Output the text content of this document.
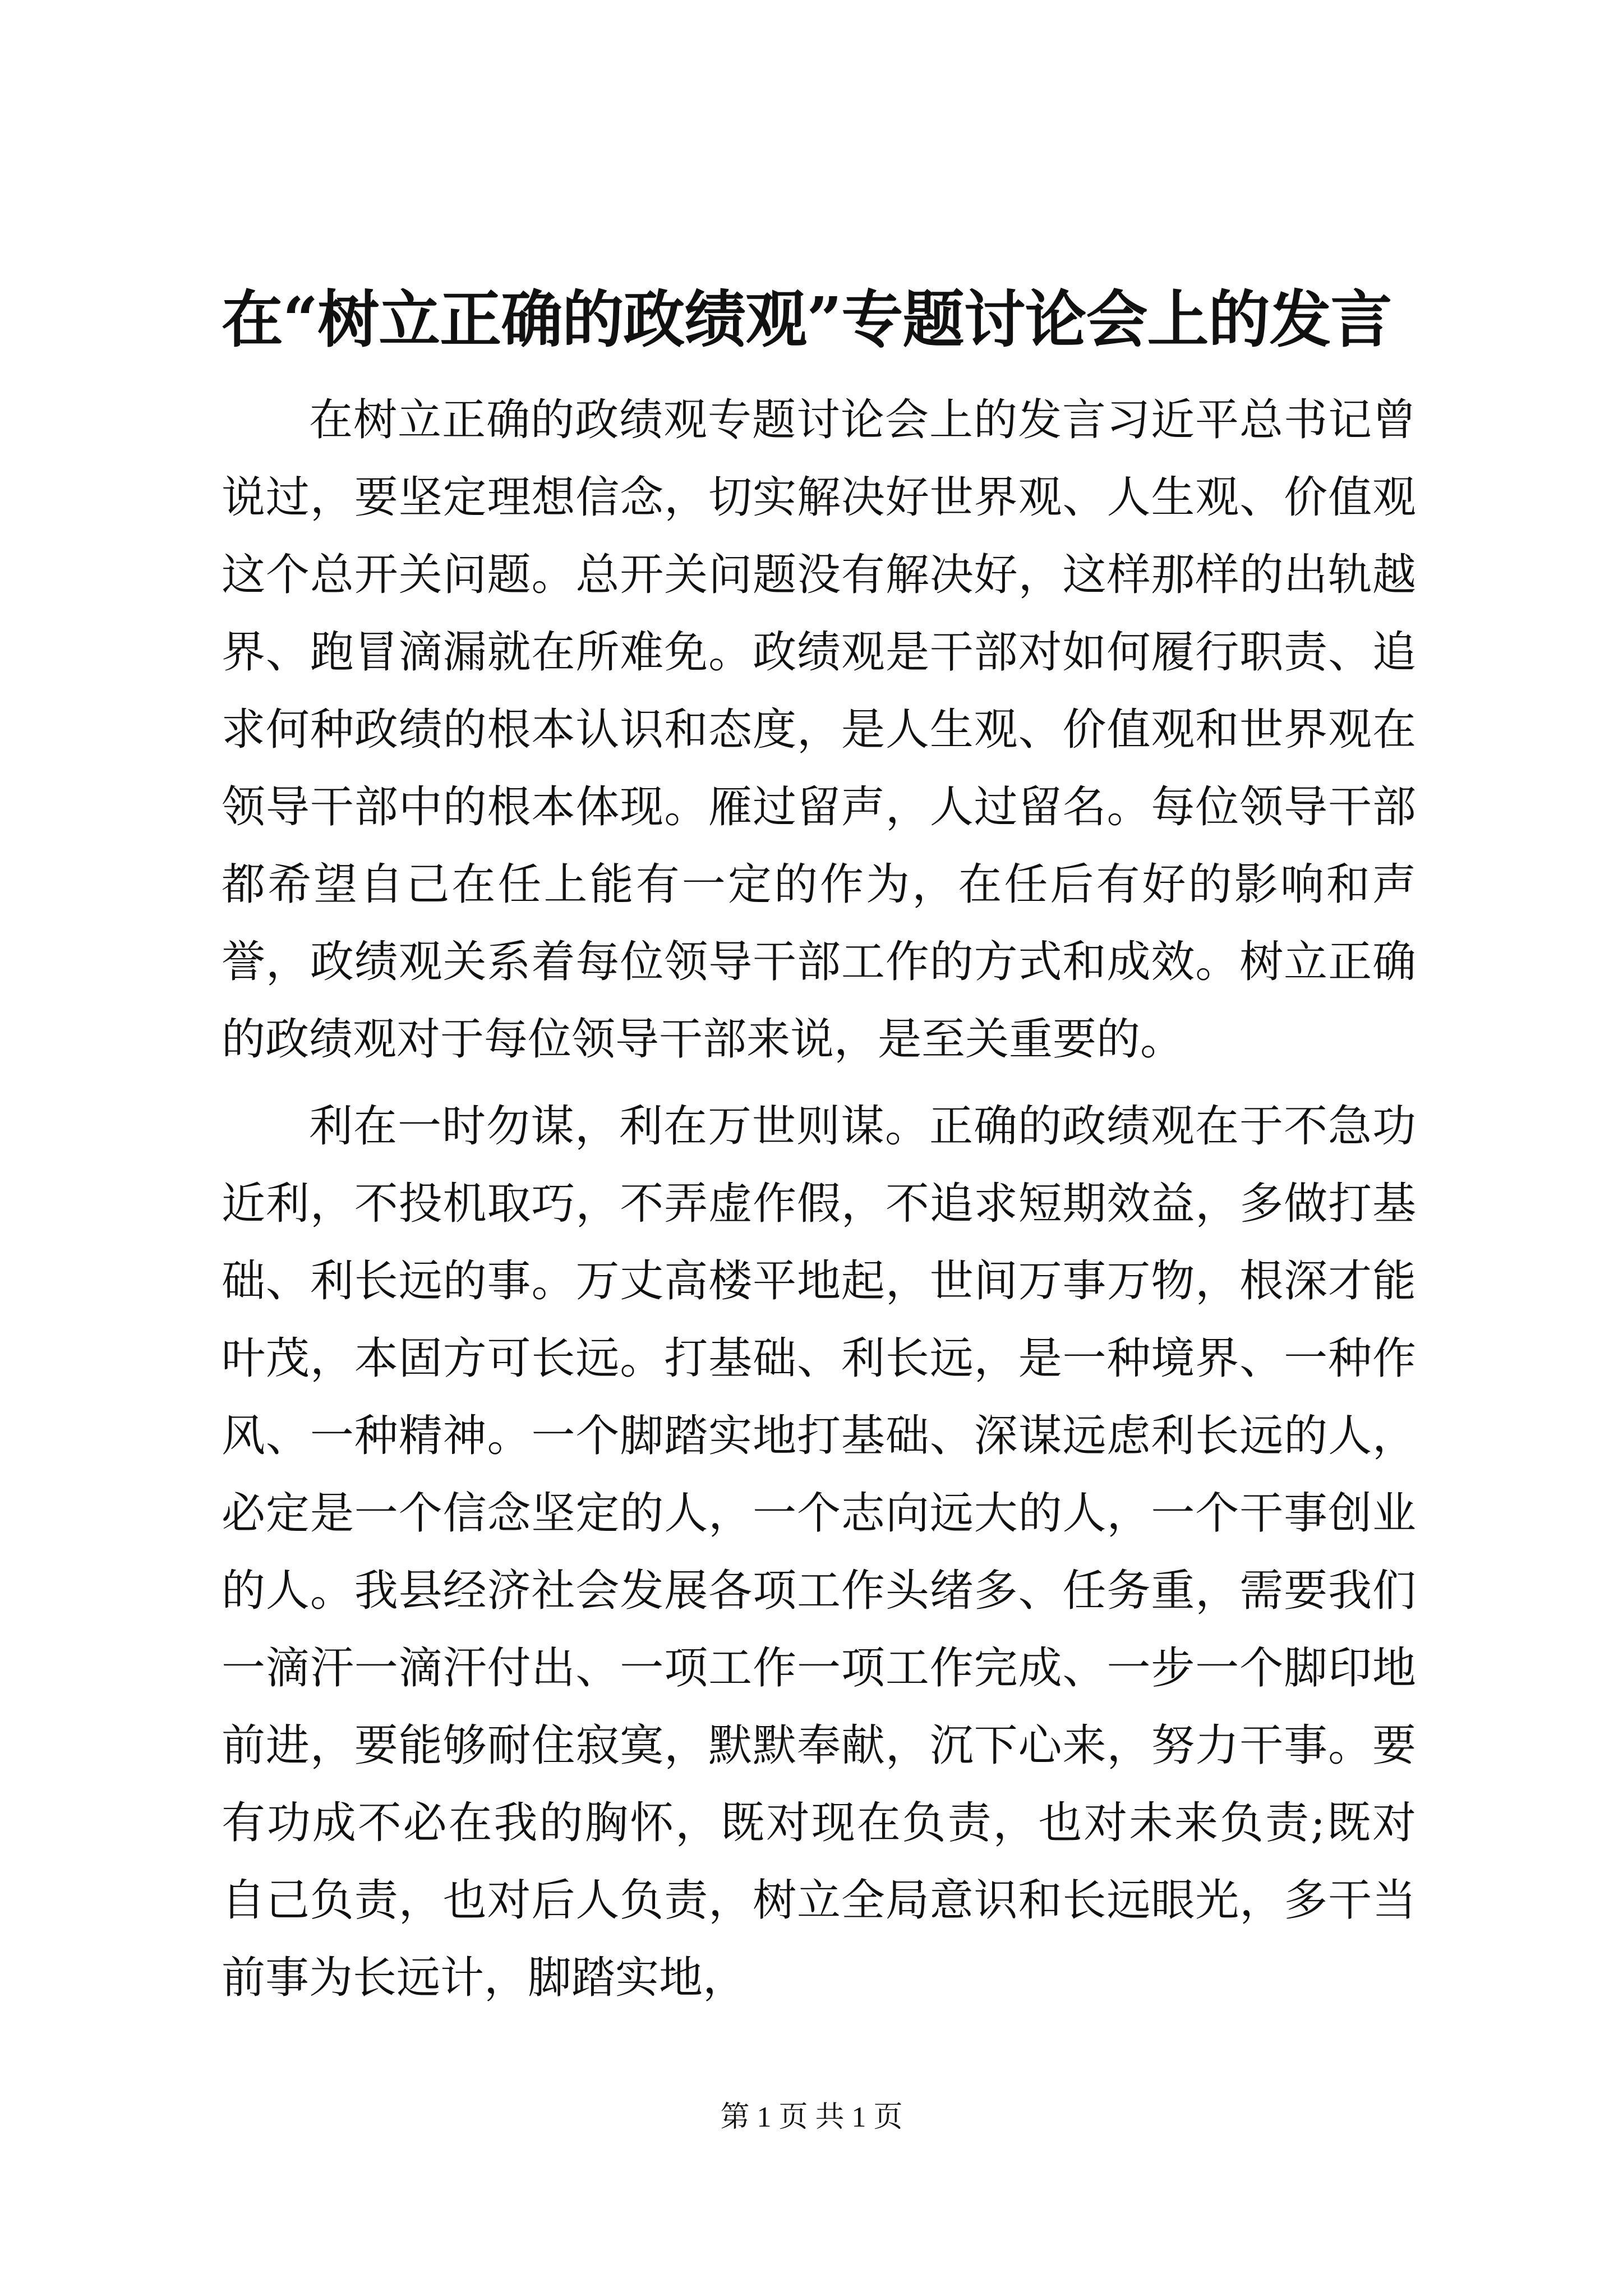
在“树立正确的政绩观”专题讨论会上的发言

在树立正确的政绩观专题讨论会上的发言习近平总书记曾说过，要坚定理想信念，切实解决好世界观、人生观、价值观这个总开关问题。总开关问题没有解决好，这样那样的出轨越界、跑冒滴漏就在所难免。政绩观是干部对如何履行职责、追求何种政绩的根本认识和态度，是人生观、价值观和世界观在领导干部中的根本体现。雁过留声，人过留名。每位领导干部都希望自己在任上能有一定的作为，在任后有好的影响和声誉，政绩观关系着每位领导干部工作的方式和成效。树立正确的政绩观对于每位领导干部来说，是至关重要的。

利在一时勿谋，利在万世则谋。正确的政绩观在于不急功近利，不投机取巧，不弄虚作假，不追求短期效益，多做打基础、利长远的事。万丈高楼平地起，世间万事万物，根深才能叶茂，本固方可长远。打基础、利长远，是一种境界、一种作风、一种精神。一个脚踏实地打基础、深谋远虑利长远的人，必定是一个信念坚定的人，一个志向远大的人，一个干事创业的人。我县经济社会发展各项工作头绪多、任务重，需要我们一滴汗一滴汗付出、一项工作一项工作完成、一步一个脚印地前进，要能够耐住寂寞，默默奉献，沉下心来，努力干事。要有功成不必在我的胸怀，既对现在负责，也对未来负责;既对自己负责，也对后人负责，树立全局意识和长远眼光，多干当前事为长远计，脚踏实地，

第 1 页 共 1 页
